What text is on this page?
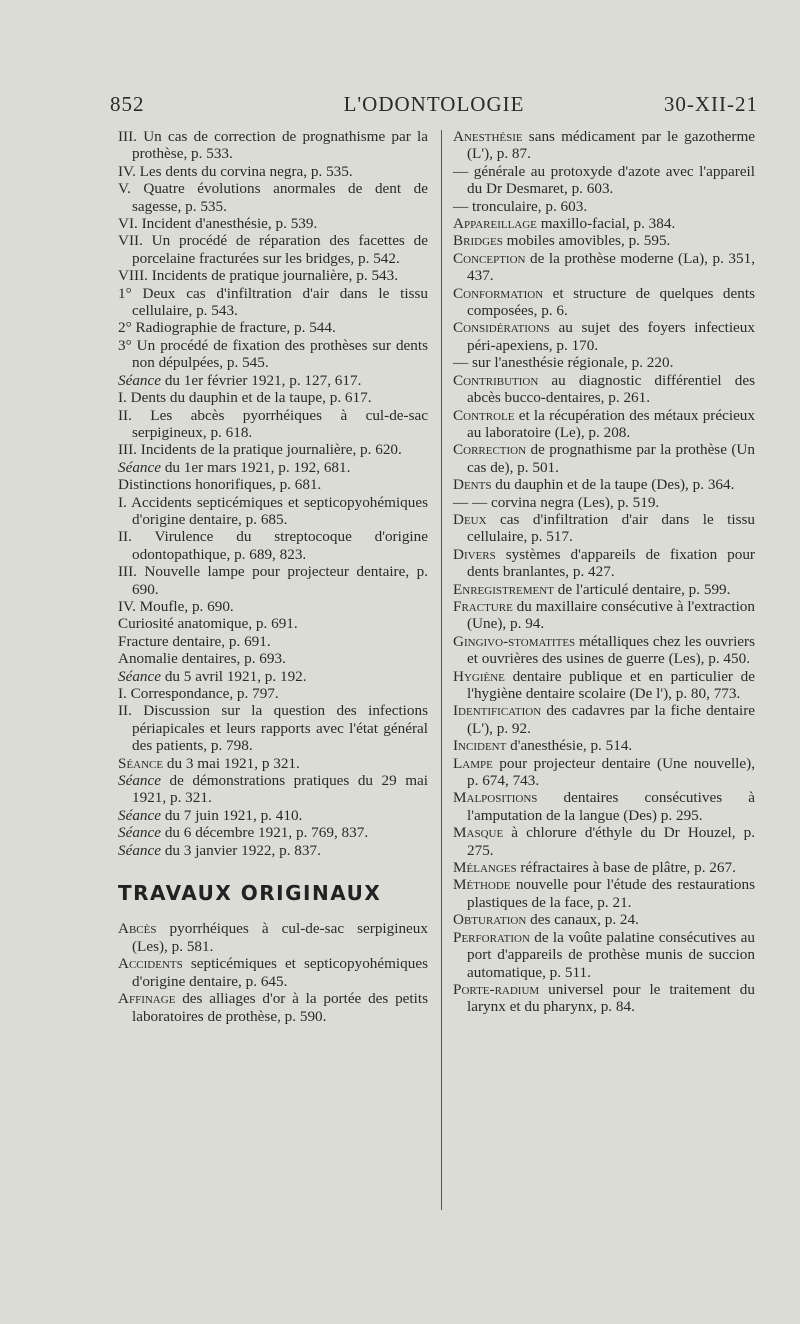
L'ODONTOLOGIE
852	30-XII-21

III. Un cas de correction de prognathisme par la prothèse, p. 533.

IV. Les dents du corvina negra, p. 535.

V. Quatre évolutions anormales de dent de sagesse, p. 535.

VI. Incident d'anesthésie, p. 539.

VII. Un procédé de réparation des facettes de porcelaine fracturées sur les bridges, p. 542.

VIII. Incidents de pratique journalière, p. 543.

1° Deux cas d'infiltration d'air dans le tissu cellulaire, p. 543.

2° Radiographie de fracture, p. 544.

3° Un procédé de fixation des prothèses sur dents non dépulpées, p. 545.

Séance du 1er février 1921, p. 127, 617.

I. Dents du dauphin et de la taupe, p. 617.

II. Les abcès pyorrhéiques à cul-de-sac serpigineux, p. 618.

III. Incidents de la pratique journalière, p. 620.

Séance du 1er mars 1921, p. 192, 681.

Distinctions honorifiques, p. 681.

I. Accidents septicémiques et septicopyohémiques d'origine dentaire, p. 685.

II. Virulence du streptocoque d'origine odontopathique, p. 689, 823.

III. Nouvelle lampe pour projecteur dentaire, p. 690.

IV. Moufle, p. 690.

Curiosité anatomique, p. 691.

Fracture dentaire, p. 691.

Anomalie dentaires, p. 693.

Séance du 5 avril 1921, p. 192.

I. Correspondance, p. 797.

II. Discussion sur la question des infections périapicales et leurs rapports avec l'état général des patients, p. 798.

Séance du 3 mai 1921, p 321.

Séance de démonstrations pratiques du 29 mai 1921, p. 321.

Séance du 7 juin 1921, p. 410.

Séance du 6 décembre 1921, p. 769, 837.

Séance du 3 janvier 1922, p. 837.

TRAVAUX ORIGINAUX

Abcès pyorrhéiques à cul-de-sac serpigineux (Les), p. 581.

Accidents septicémiques et septicopyohémiques d'origine dentaire, p. 645.

Affinage des alliages d'or à la portée des petits laboratoires de prothèse, p. 590.

Anesthésie sans médicament par le gazotherme (L'), p. 87.

— générale au protoxyde d'azote avec l'appareil du Dr Desmaret, p. 603.

— tronculaire, p. 603.

Appareillage maxillo-facial, p. 384.

Bridges mobiles amovibles, p. 595.

Conception de la prothèse moderne (La), p. 351, 437.

Conformation et structure de quelques dents composées, p. 6.

Considérations au sujet des foyers infectieux péri-apexiens, p. 170.

— sur l'anesthésie régionale, p. 220.

Contribution au diagnostic différentiel des abcès bucco-dentaires, p. 261.

Controle et la récupération des métaux précieux au laboratoire (Le), p. 208.

Correction de prognathisme par la prothèse (Un cas de), p. 501.

Dents du dauphin et de la taupe (Des), p. 364.

— — corvina negra (Les), p. 519.

Deux cas d'infiltration d'air dans le tissu cellulaire, p. 517.

Divers systèmes d'appareils de fixation pour dents branlantes, p. 427.

Enregistrement de l'articulé dentaire, p. 599.

Fracture du maxillaire consécutive à l'extraction (Une), p. 94.

Gingivo-stomatites métalliques chez les ouvriers et ouvrières des usines de guerre (Les), p. 450.

Hygiène dentaire publique et en particulier de l'hygiène dentaire scolaire (De l'), p. 80, 773.

Identification des cadavres par la fiche dentaire (L'), p. 92.

Incident d'anesthésie, p. 514.

Lampe pour projecteur dentaire (Une nouvelle), p. 674, 743.

Malpositions dentaires consécutives à l'amputation de la langue (Des) p. 295.

Masque à chlorure d'éthyle du Dr Houzel, p. 275.

Mélanges réfractaires à base de plâtre, p. 267.

Méthode nouvelle pour l'étude des restaurations plastiques de la face, p. 21.

Obturation des canaux, p. 24.

Perforation de la voûte palatine consécutives au port d'appareils de prothèse munis de succion automatique, p. 511.

Porte-radium universel pour le traitement du larynx et du pharynx, p. 84.
